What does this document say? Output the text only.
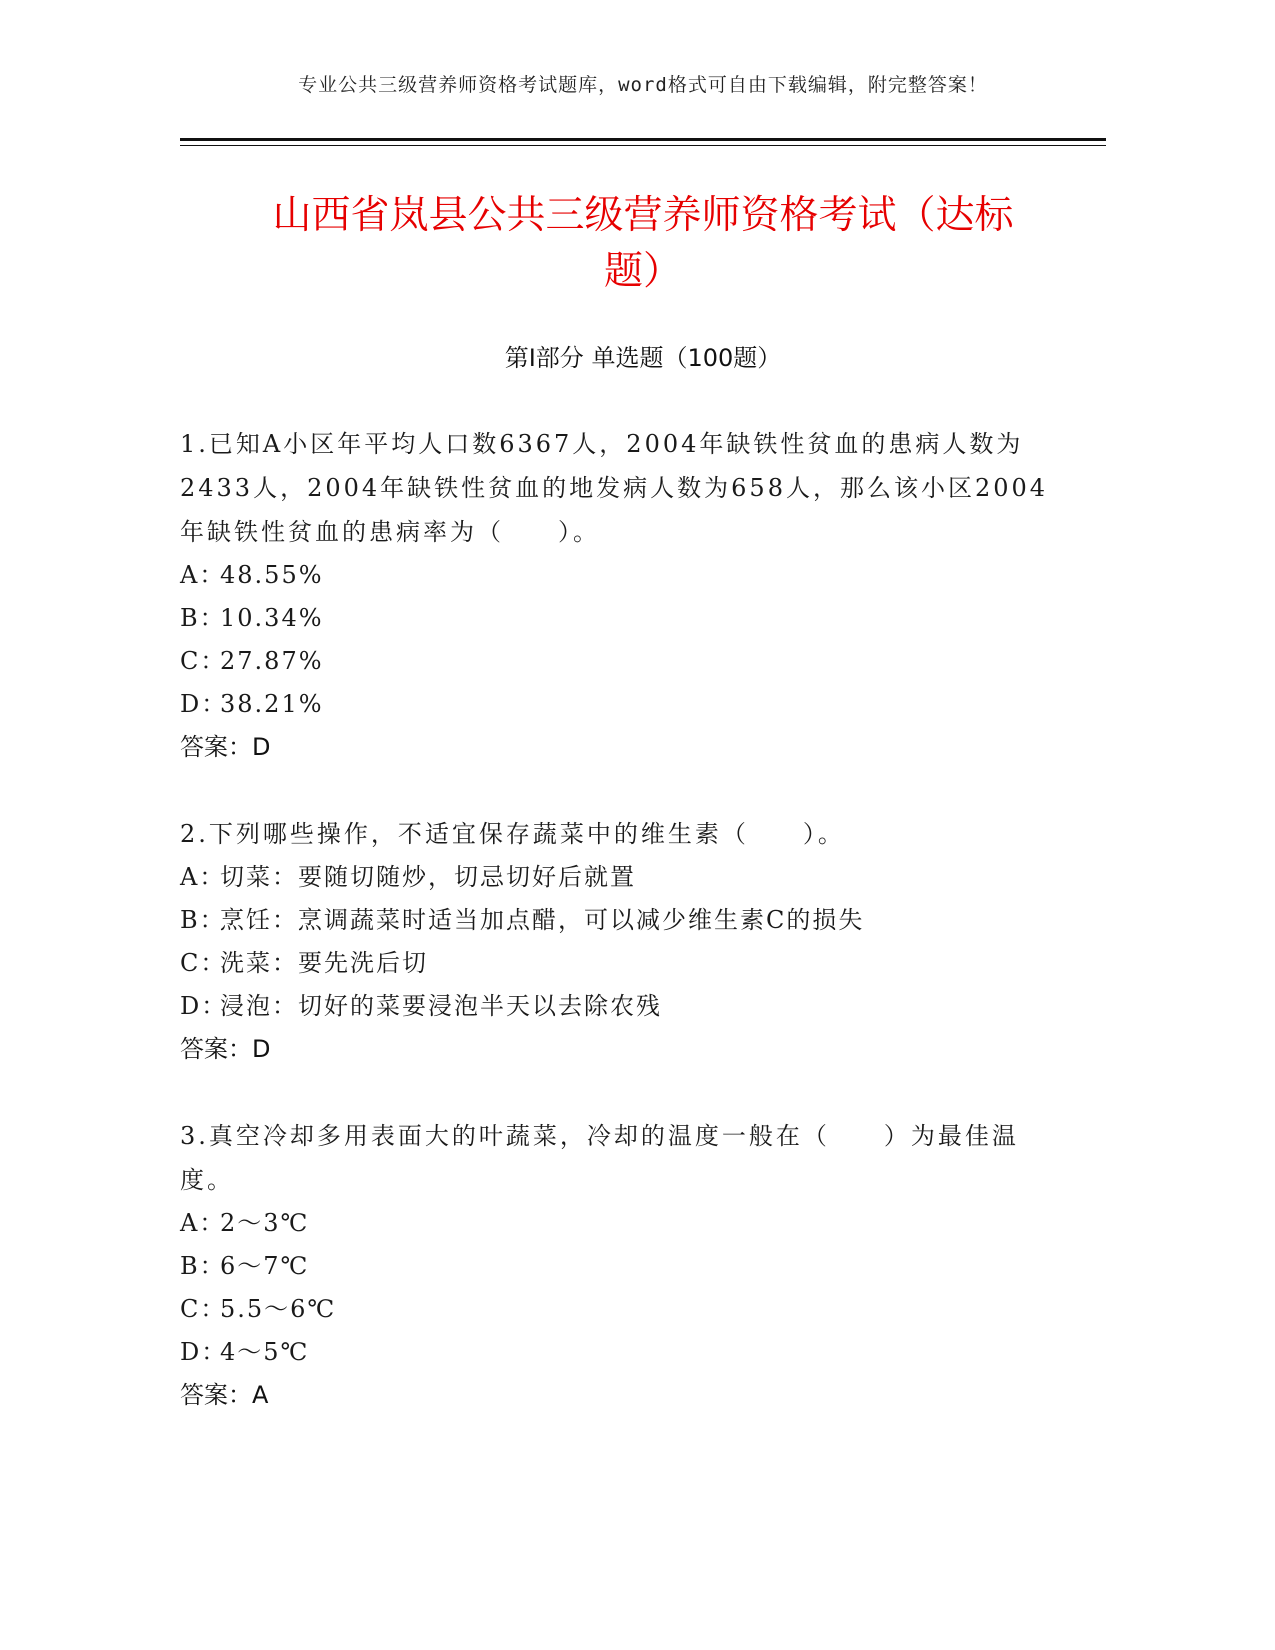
专业公共三级营养师资格考试题库，word格式可自由下载编辑，附完整答案！
山西省岚县公共三级营养师资格考试（达标
题）
第Ⅰ部分 单选题（100题）

1.已知A小区年平均人口数6367人，2004年缺铁性贫血的患病人数为2433人，2004年缺铁性贫血的地发病人数为658人，那么该小区2004年缺铁性贫血的患病率为（　　）。

A：48.55%
B：10.34%
C：27.87%
D：38.21%
答案：D

2.下列哪些操作，不适宜保存蔬菜中的维生素（　　）。

A：切菜：要随切随炒，切忌切好后就置
B：烹饪：烹调蔬菜时适当加点醋，可以减少维生素C的损失
C：洗菜：要先洗后切
D：浸泡：切好的菜要浸泡半天以去除农残
答案：D

3.真空冷却多用表面大的叶蔬菜，冷却的温度一般在（　　）为最佳温度。

A：2～3℃
B：6～7℃
C：5.5～6℃
D：4～5℃
答案：A
